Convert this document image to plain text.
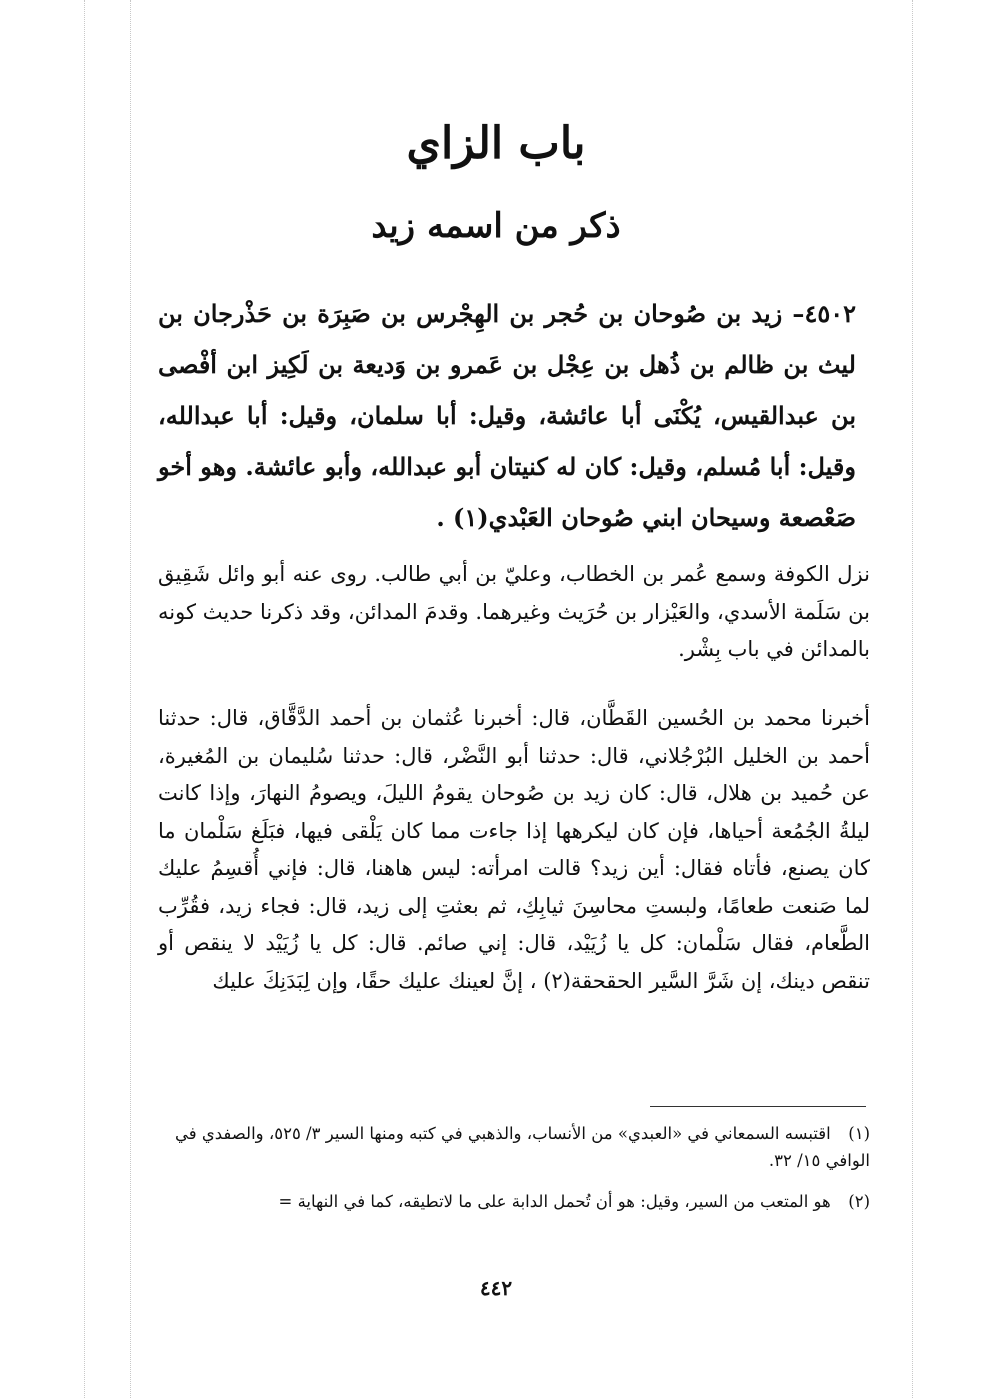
باب الزاي
ذكر من اسمه زيد
٤٥٠٢– زيد بن صُوحان بن حُجر بن الهِجْرس بن صَبِرَة بن حَذْرجان بن ليث بن ظالم بن ذُهل بن عِجْل بن عَمرو بن وَديعة بن لَكِيز ابن أفْصى بن عبدالقيس، يُكْنَى أبا عائشة، وقيل: أبا سلمان، وقيل: أبا عبدالله، وقيل: أبا مُسلم، وقيل: كان له كنيتان أبو عبدالله، وأبو عائشة. وهو أخو صَعْصعة وسيحان ابني صُوحان العَبْدي(١) .
نزل الكوفة وسمع عُمر بن الخطاب، وعليّ بن أبي طالب. روى عنه أبو وائل شَقِيق بن سَلَمة الأسدي، والعَيْزار بن حُرَيث وغيرهما. وقدمَ المدائن، وقد ذكرنا حديث كونه بالمدائن في باب بِشْر.
أخبرنا محمد بن الحُسين القَطَّان، قال: أخبرنا عُثمان بن أحمد الدَّقَّاق، قال: حدثنا أحمد بن الخليل البُرْجُلاني، قال: حدثنا أبو النَّضْر، قال: حدثنا سُليمان بن المُغيرة، عن حُميد بن هلال، قال: كان زيد بن صُوحان يقومُ الليلَ، ويصومُ النهارَ، وإذا كانت ليلةُ الجُمُعة أحياها، فإن كان ليكرهها إذا جاءت مما كان يَلْقى فيها، فبَلَغ سَلْمان ما كان يصنع، فأتاه فقال: أين زيد؟ قالت امرأته: ليس هاهنا، قال: فإني أُقسِمُ عليك لما صَنعت طعامًا، ولبستِ محاسِنَ ثيابِكِ، ثم بعثتِ إلى زيد، قال: فجاء زيد، فقُرِّب الطَّعام، فقال سَلْمان: كل يا زُيَيْد، قال: إني صائم. قال: كل يا زُيَيْد لا ينقص أو تنقص دينك، إن شَرَّ السَّير الحقحقة(٢) ، إنَّ لعينك عليك حقًا، وإن لِبَدَنِكَ عليك
(١) اقتبسه السمعاني في «العبدي» من الأنساب، والذهبي في كتبه ومنها السير ٣/ ٥٢٥، والصفدي في الوافي ١٥/ ٣٢.
(٢) هو المتعب من السير، وقيل: هو أن تُحمل الدابة على ما لاتطيقه، كما في النهاية =
٤٤٢
